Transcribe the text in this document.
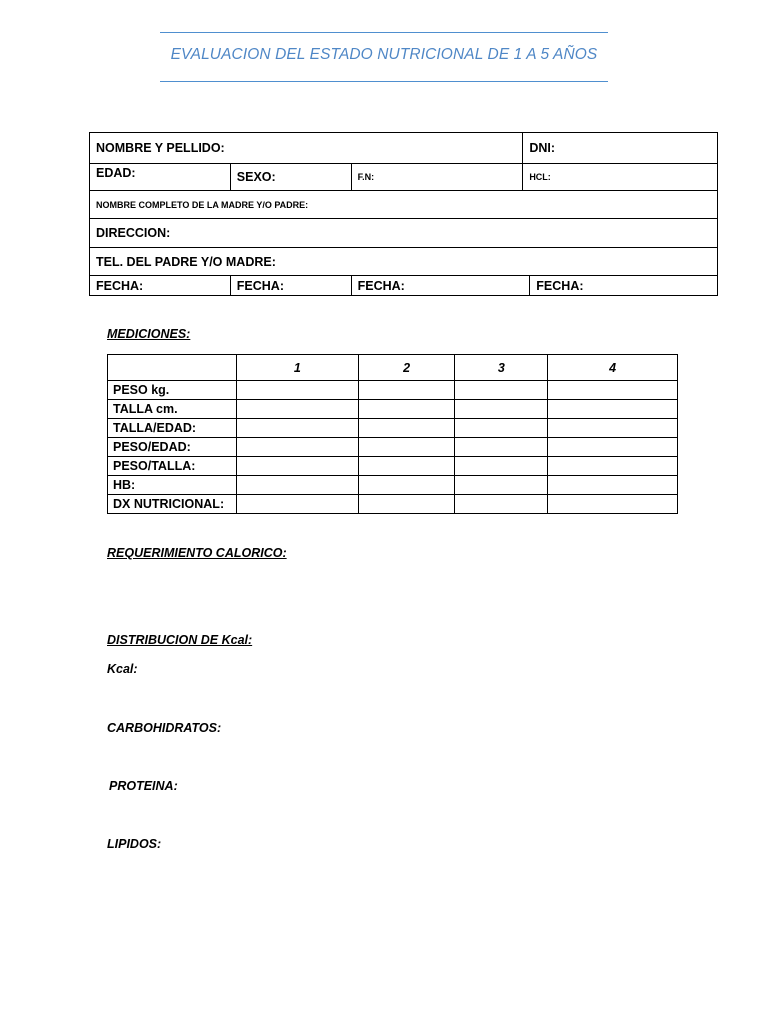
EVALUACION DEL ESTADO NUTRICIONAL DE 1 A 5 AÑOS
NOMBRE Y PELLIDO:			DNI:	
EDAD:	SEXO:	F.N:	HCL:	
NOMBRE COMPLETO DE LA MADRE Y/O PADRE:				
DIRECCION:				
TEL. DEL PADRE Y/O MADRE:				
FECHA:	FECHA:	FECHA:		FECHA:
MEDICIONES:
	1	2	3	4
PESO kg.				
TALLA cm.				
TALLA/EDAD:				
PESO/EDAD:				
PESO/TALLA:				
HB:				
DX NUTRICIONAL:				
REQUERIMIENTO CALORICO:
DISTRIBUCION DE Kcal:
Kcal:
CARBOHIDRATOS:
PROTEINA:
LIPIDOS:
